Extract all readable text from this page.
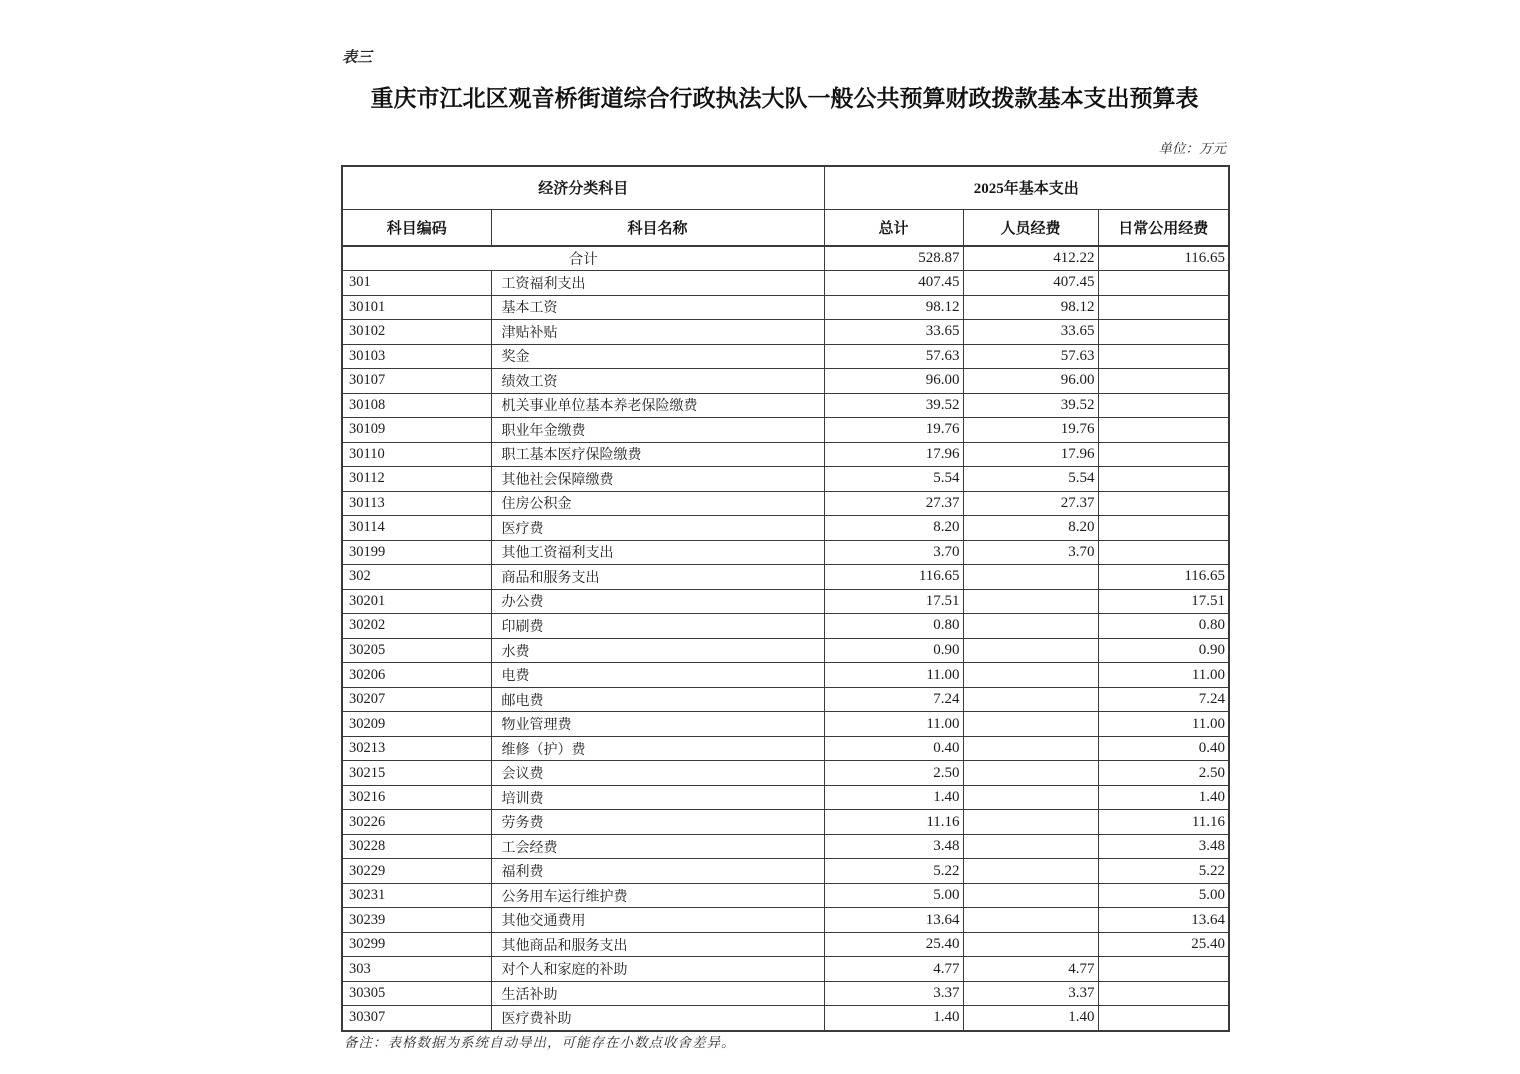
表三
重庆市江北区观音桥街道综合行政执法大队一般公共预算财政拨款基本支出预算表
单位：万元
经济分类科目		2025年基本支出		
科目编码	科目名称	总计	人员经费	日常公用经费
合计		528.87	412.22	116.65
301	工资福利支出	407.45	407.45	
30101	基本工资	98.12	98.12	
30102	津贴补贴	33.65	33.65	
30103	奖金	57.63	57.63	
30107	绩效工资	96.00	96.00	
30108	机关事业单位基本养老保险缴费	39.52	39.52	
30109	职业年金缴费	19.76	19.76	
30110	职工基本医疗保险缴费	17.96	17.96	
30112	其他社会保障缴费	5.54	5.54	
30113	住房公积金	27.37	27.37	
30114	医疗费	8.20	8.20	
30199	其他工资福利支出	3.70	3.70	
302	商品和服务支出	116.65		116.65
30201	办公费	17.51		17.51
30202	印刷费	0.80		0.80
30205	水费	0.90		0.90
30206	电费	11.00		11.00
30207	邮电费	7.24		7.24
30209	物业管理费	11.00		11.00
30213	维修（护）费	0.40		0.40
30215	会议费	2.50		2.50
30216	培训费	1.40		1.40
30226	劳务费	11.16		11.16
30228	工会经费	3.48		3.48
30229	福利费	5.22		5.22
30231	公务用车运行维护费	5.00		5.00
30239	其他交通费用	13.64		13.64
30299	其他商品和服务支出	25.40		25.40
303	对个人和家庭的补助	4.77	4.77	
30305	生活补助	3.37	3.37	
30307	医疗费补助	1.40	1.40	
备注：表格数据为系统自动导出，可能存在小数点收舍差异。
